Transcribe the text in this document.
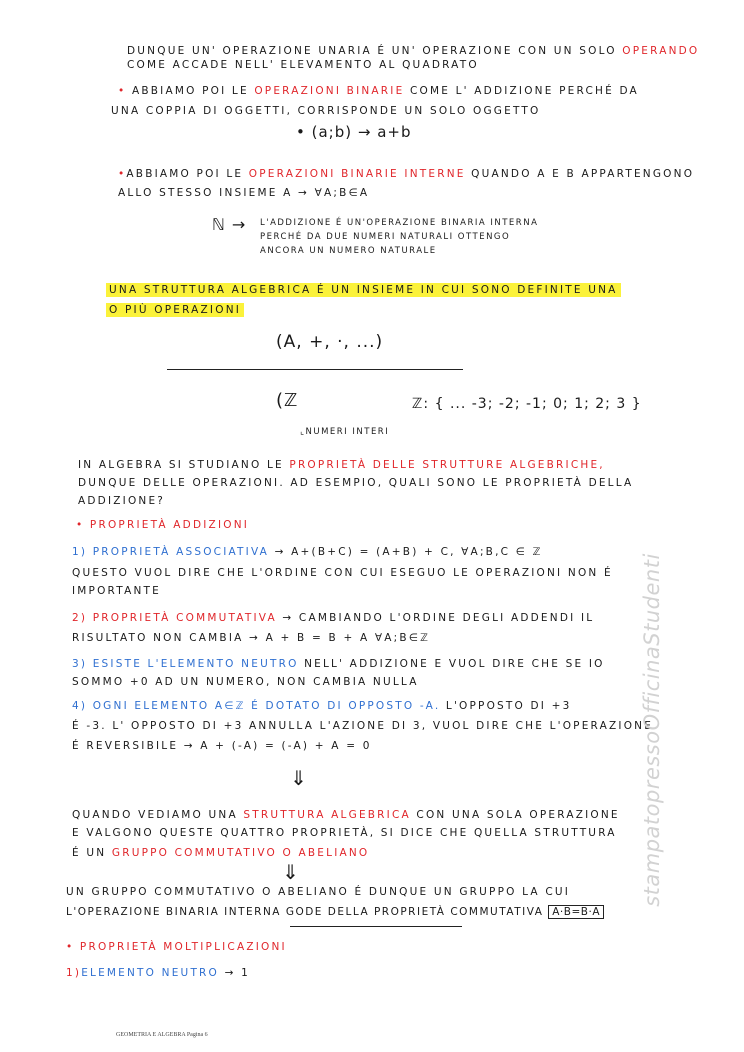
DUNQUE UN' OPERAZIONE UNARIA É UN' OPERAZIONE CON UN SOLO OPERANDO
COME ACCADE NELL' ELEVAMENTO AL QUADRATO
• ABBIAMO POI LE OPERAZIONI BINARIE COME L' ADDIZIONE PERCHÉ DA
UNA COPPIA DI OGGETTI, CORRISPONDE UN SOLO OGGETTO
• (a;b) → a+b
•ABBIAMO POI LE OPERAZIONI BINARIE INTERNE QUANDO A E B APPARTENGONO
ALLO STESSO INSIEME A → ∀A;B∈A
ℕ → L'ADDIZIONE É UN'OPERAZIONE BINARIA INTERNA
PERCHÉ DA DUE NUMERI NATURALI OTTENGO
ANCORA UN NUMERO NATURALE
UNA STRUTTURA ALGEBRICA É UN INSIEME IN CUI SONO DEFINITE UNA
O PIÙ OPERAZIONI
(A, +, ·, ...)
(ℤ
⌞NUMERI INTERI
ℤ: { ... -3; -2; -1; 0; 1; 2; 3 }
IN ALGEBRA SI STUDIANO LE PROPRIETÀ DELLE STRUTTURE ALGEBRICHE,
DUNQUE DELLE OPERAZIONI. AD ESEMPIO, QUALI SONO LE PROPRIETÀ DELLA
ADDIZIONE?
• PROPRIETÀ ADDIZIONI
1) PROPRIETÀ ASSOCIATIVA → A+(B+C) = (A+B) + C, ∀A;B,C ∈ ℤ
QUESTO VUOL DIRE CHE L'ORDINE CON CUI ESEGUO LE OPERAZIONI NON É
IMPORTANTE
2) PROPRIETÀ COMMUTATIVA → CAMBIANDO L'ORDINE DEGLI ADDENDI IL
RISULTATO NON CAMBIA → A + B = B + A ∀A;B∈ℤ
3) ESISTE L'ELEMENTO NEUTRO NELL' ADDIZIONE E VUOL DIRE CHE SE IO
SOMMO +0 AD UN NUMERO, NON CAMBIA NULLA
4) OGNI ELEMENTO A∈ℤ É DOTATO DI OPPOSTO -A. L'OPPOSTO DI +3
É -3. L' OPPOSTO DI +3 ANNULLA L'AZIONE DI 3, VUOL DIRE CHE L'OPERAZIONE
É REVERSIBILE → A + (-A) = (-A) + A = 0
⇓
QUANDO VEDIAMO UNA STRUTTURA ALGEBRICA CON UNA SOLA OPERAZIONE
E VALGONO QUESTE QUATTRO PROPRIETÀ, SI DICE CHE QUELLA STRUTTURA
É UN GRUPPO COMMUTATIVO O ABELIANO
⇓
UN GRUPPO COMMUTATIVO O ABELIANO É DUNQUE UN GRUPPO LA CUI
L'OPERAZIONE BINARIA INTERNA GODE DELLA PROPRIETÀ COMMUTATIVA A·B=B·A
• PROPRIETÀ MOLTIPLICAZIONI
1)ELEMENTO NEUTRO → 1
stampatopressoOfficinaStudenti
GEOMETRIA E ALGEBRA Pagina 6
